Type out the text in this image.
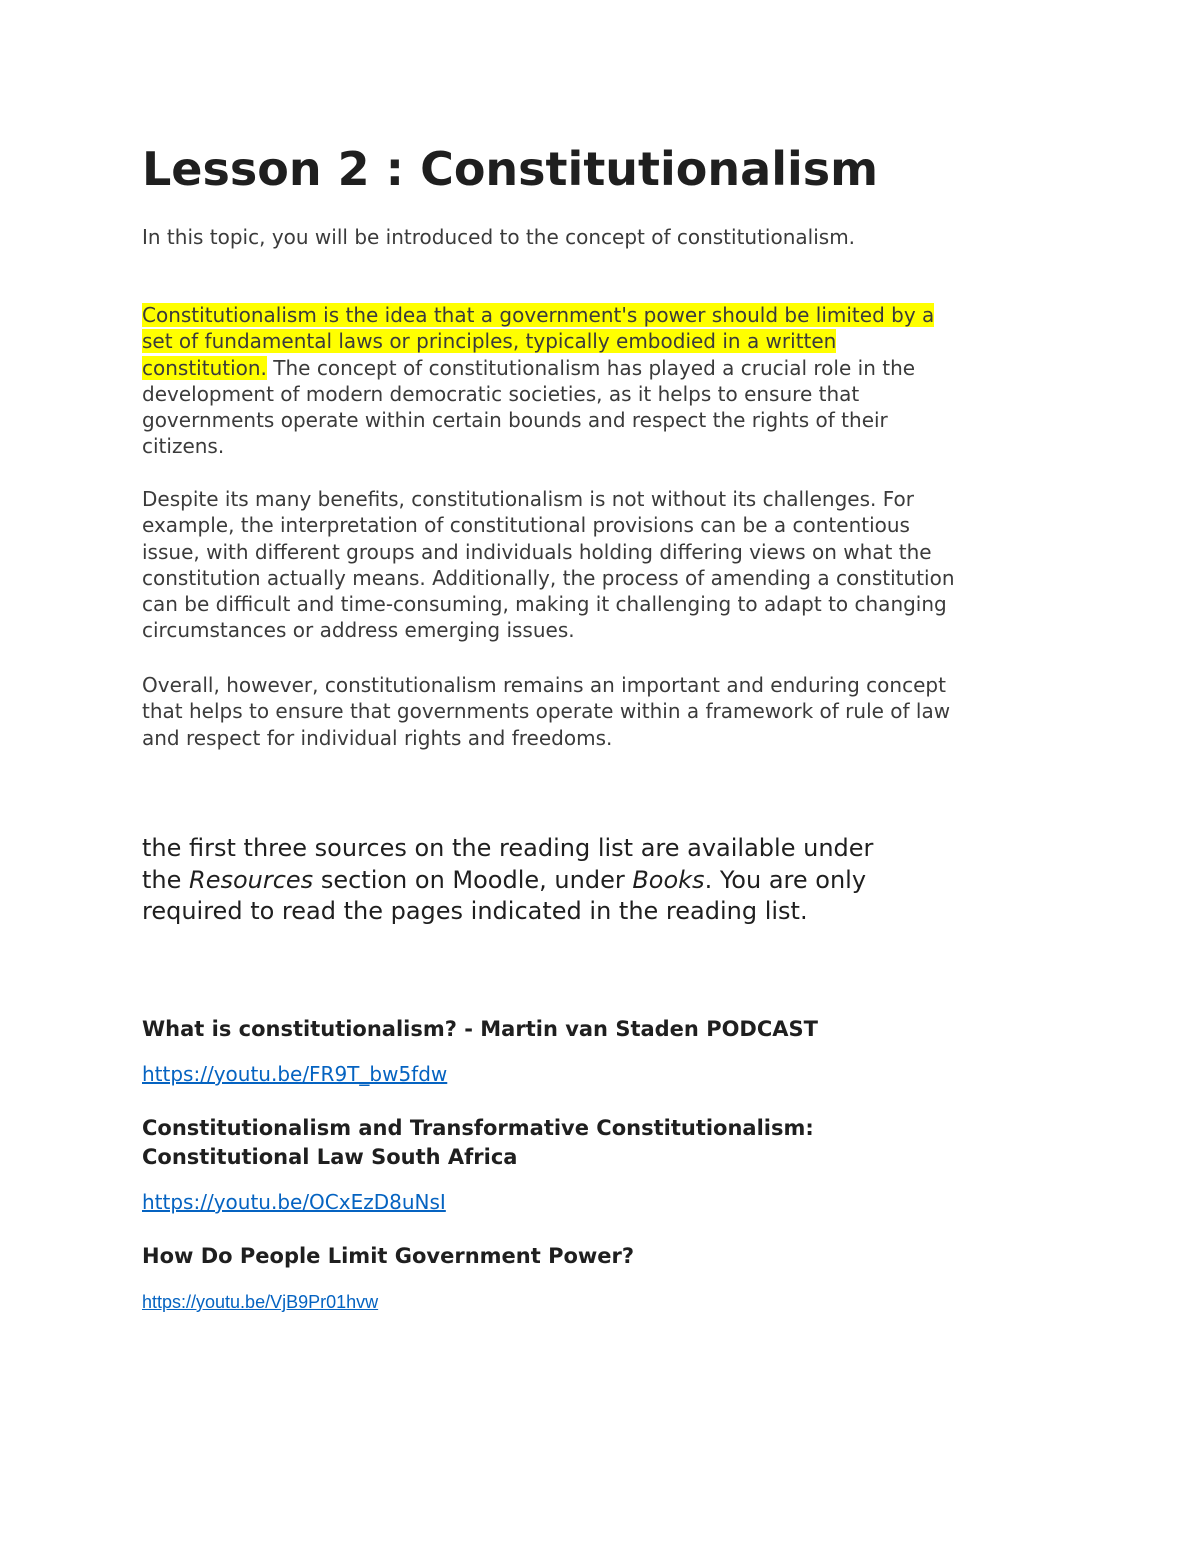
Lesson 2 : Constitutionalism

In this topic, you will be introduced to the concept of constitutionalism.

Constitutionalism is the idea that a government's power should be limited by a
set of fundamental laws or principles, typically embodied in a written
constitution. The concept of constitutionalism has played a crucial role in the
development of modern democratic societies, as it helps to ensure that
governments operate within certain bounds and respect the rights of their
citizens.

Despite its many benefits, constitutionalism is not without its challenges. For
example, the interpretation of constitutional provisions can be a contentious
issue, with different groups and individuals holding differing views on what the
constitution actually means. Additionally, the process of amending a constitution
can be difficult and time-consuming, making it challenging to adapt to changing
circumstances or address emerging issues.

Overall, however, constitutionalism remains an important and enduring concept
that helps to ensure that governments operate within a framework of rule of law
and respect for individual rights and freedoms.

the first three sources on the reading list are available under
the Resources section on Moodle, under Books. You are only
required to read the pages indicated in the reading list.

What is constitutionalism? - Martin van Staden PODCAST
https://youtu.be/FR9T_bw5fdw
Constitutionalism and Transformative Constitutionalism:
Constitutional Law South Africa
https://youtu.be/OCxEzD8uNsI
How Do People Limit Government Power?
https://youtu.be/VjB9Pr01hvw
